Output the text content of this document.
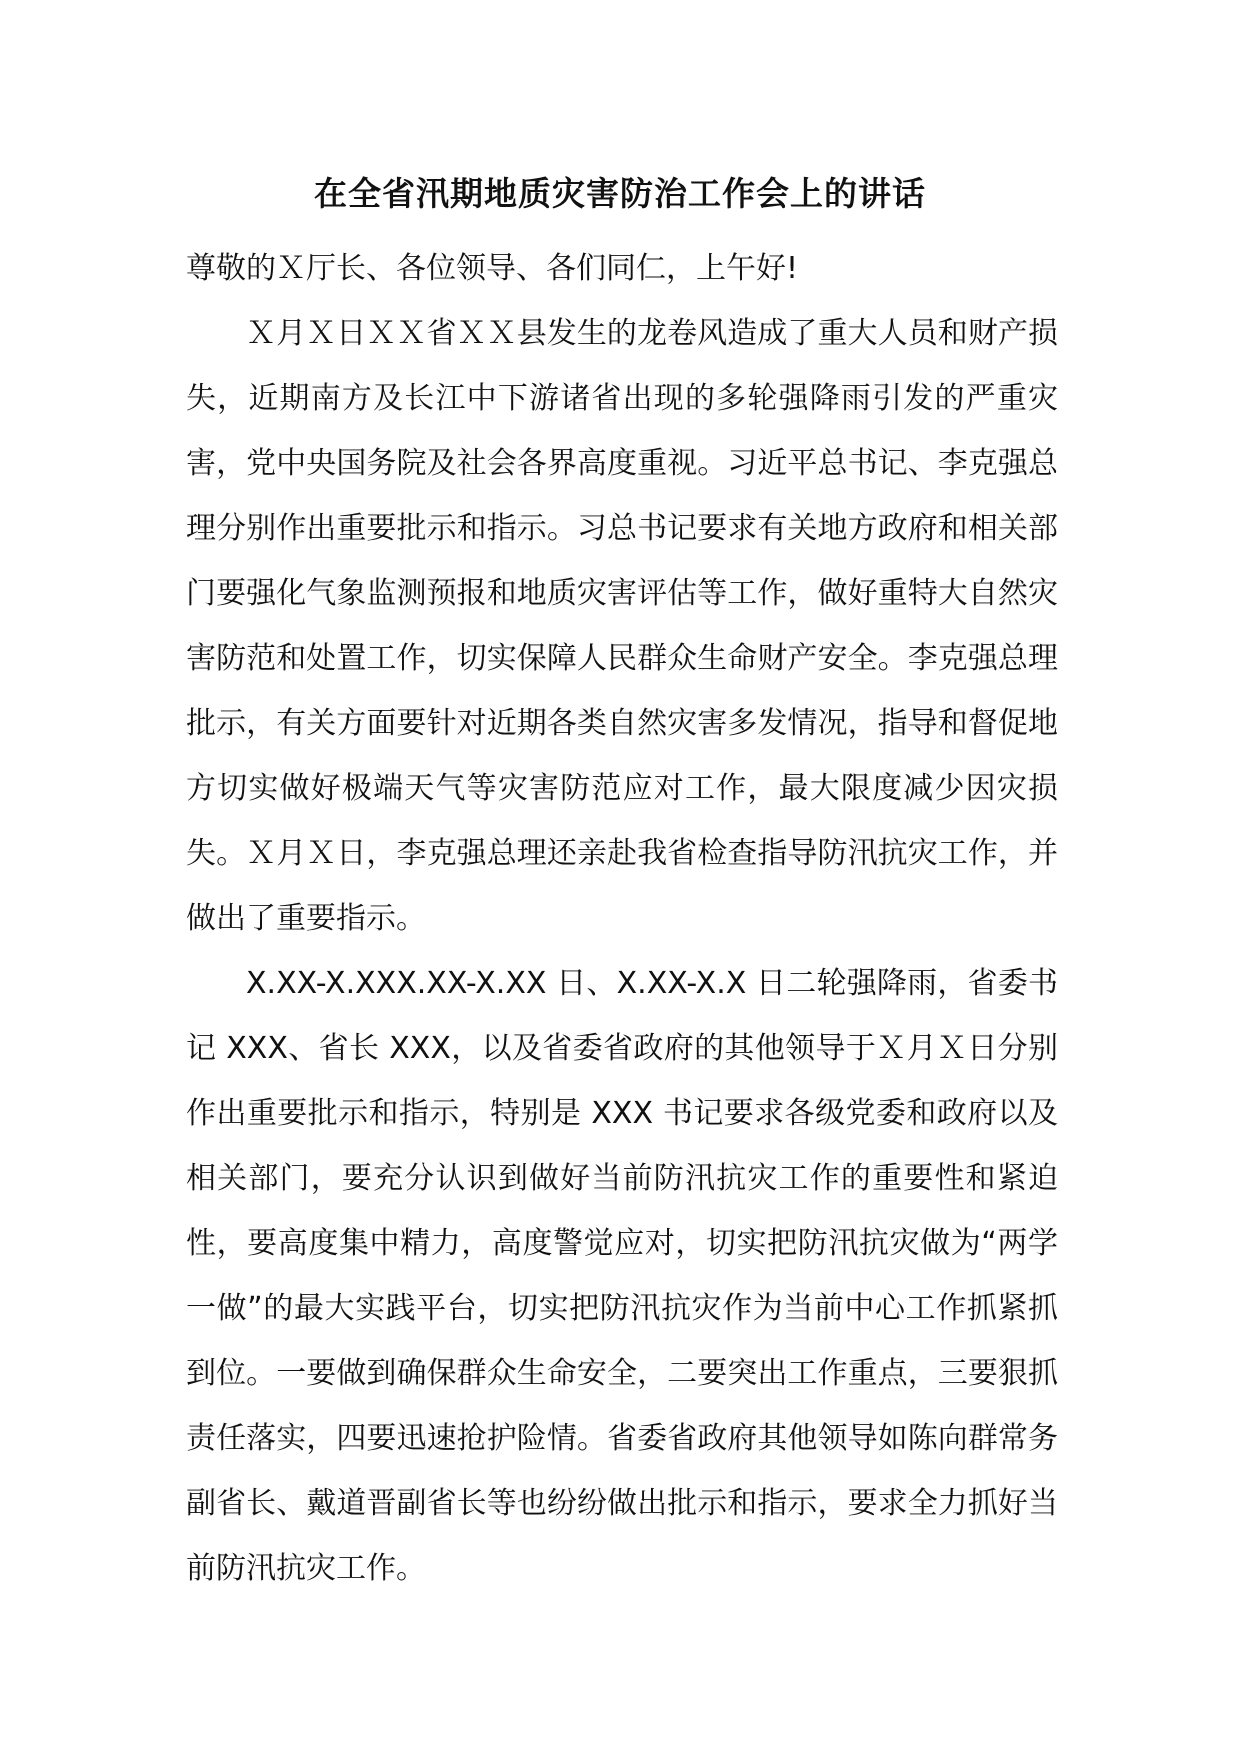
在全省汛期地质灾害防治工作会上的讲话

尊敬的Ｘ厅长、各位领导、各们同仁，上午好!

Ｘ月Ｘ日ＸＸ省ＸＸ县发生的龙卷风造成了重大人员和财产损失，近期南方及长江中下游诸省出现的多轮强降雨引发的严重灾害，党中央国务院及社会各界高度重视。习近平总书记、李克强总理分别作出重要批示和指示。习总书记要求有关地方政府和相关部门要强化气象监测预报和地质灾害评估等工作，做好重特大自然灾害防范和处置工作，切实保障人民群众生命财产安全。李克强总理批示，有关方面要针对近期各类自然灾害多发情况，指导和督促地方切实做好极端天气等灾害防范应对工作，最大限度减少因灾损失。Ｘ月Ｘ日，李克强总理还亲赴我省检查指导防汛抗灾工作，并做出了重要指示。

X.XX-X.XXX.XX-X.XX 日、X.XX-X.X 日二轮强降雨，省委书记 XXX、省长 XXX，以及省委省政府的其他领导于Ｘ月Ｘ日分别作出重要批示和指示，特别是 XXX 书记要求各级党委和政府以及相关部门，要充分认识到做好当前防汛抗灾工作的重要性和紧迫性，要高度集中精力，高度警觉应对，切实把防汛抗灾做为“两学一做”的最大实践平台，切实把防汛抗灾作为当前中心工作抓紧抓到位。一要做到确保群众生命安全，二要突出工作重点，三要狠抓责任落实，四要迅速抢护险情。省委省政府其他领导如陈向群常务副省长、戴道晋副省长等也纷纷做出批示和指示，要求全力抓好当前防汛抗灾工作。
